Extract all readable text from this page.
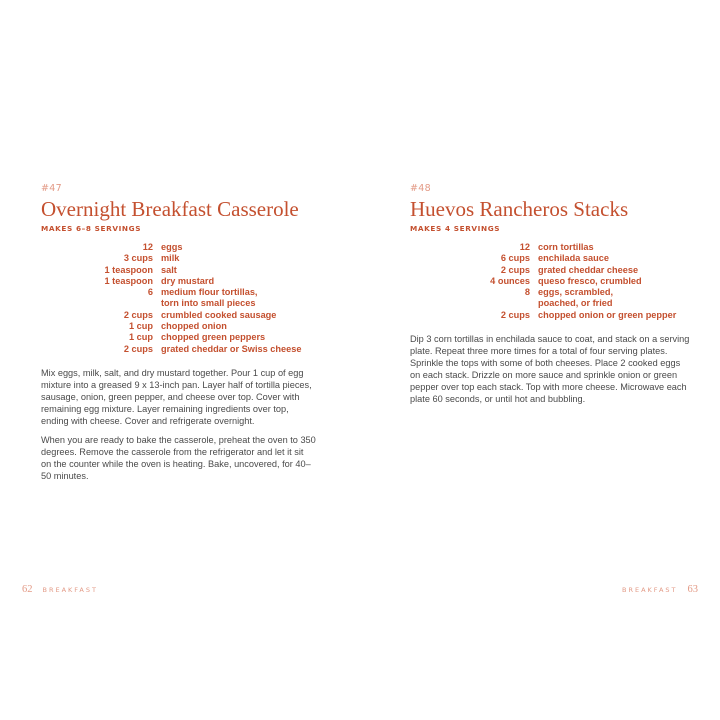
#47

Overnight Breakfast Casserole

MAKES 6–8 SERVINGS

12 eggs
3 cups milk
1 teaspoon salt
1 teaspoon dry mustard
6 medium flour tortillas,
torn into small pieces
2 cups crumbled cooked sausage
1 cup chopped onion
1 cup chopped green peppers
2 cups grated cheddar or Swiss cheese

Mix eggs, milk, salt, and dry mustard together. Pour 1 cup of egg mixture into a greased 9 x 13-inch pan. Layer half of tortilla pieces, sausage, onion, green pepper, and cheese over top. Cover with remaining egg mixture. Layer remaining ingredients over top, ending with cheese. Cover and refrigerate overnight.

When you are ready to bake the casserole, preheat the oven to 350 degrees. Remove the casserole from the refrigerator and let it sit on the counter while the oven is heating. Bake, uncovered, for 40–50 minutes.

62 BREAKFAST

#48

Huevos Rancheros Stacks

MAKES 4 SERVINGS

12 corn tortillas
6 cups enchilada sauce
2 cups grated cheddar cheese
4 ounces queso fresco, crumbled
8 eggs, scrambled,
poached, or fried
2 cups chopped onion or green pepper

Dip 3 corn tortillas in enchilada sauce to coat, and stack on a serving plate. Repeat three more times for a total of four serving plates. Sprinkle the tops with some of both cheeses. Place 2 cooked eggs on each stack. Drizzle on more sauce and sprinkle onion or green pepper over top each stack. Top with more cheese. Microwave each plate 60 seconds, or until hot and bubbling.

BREAKFAST 63
